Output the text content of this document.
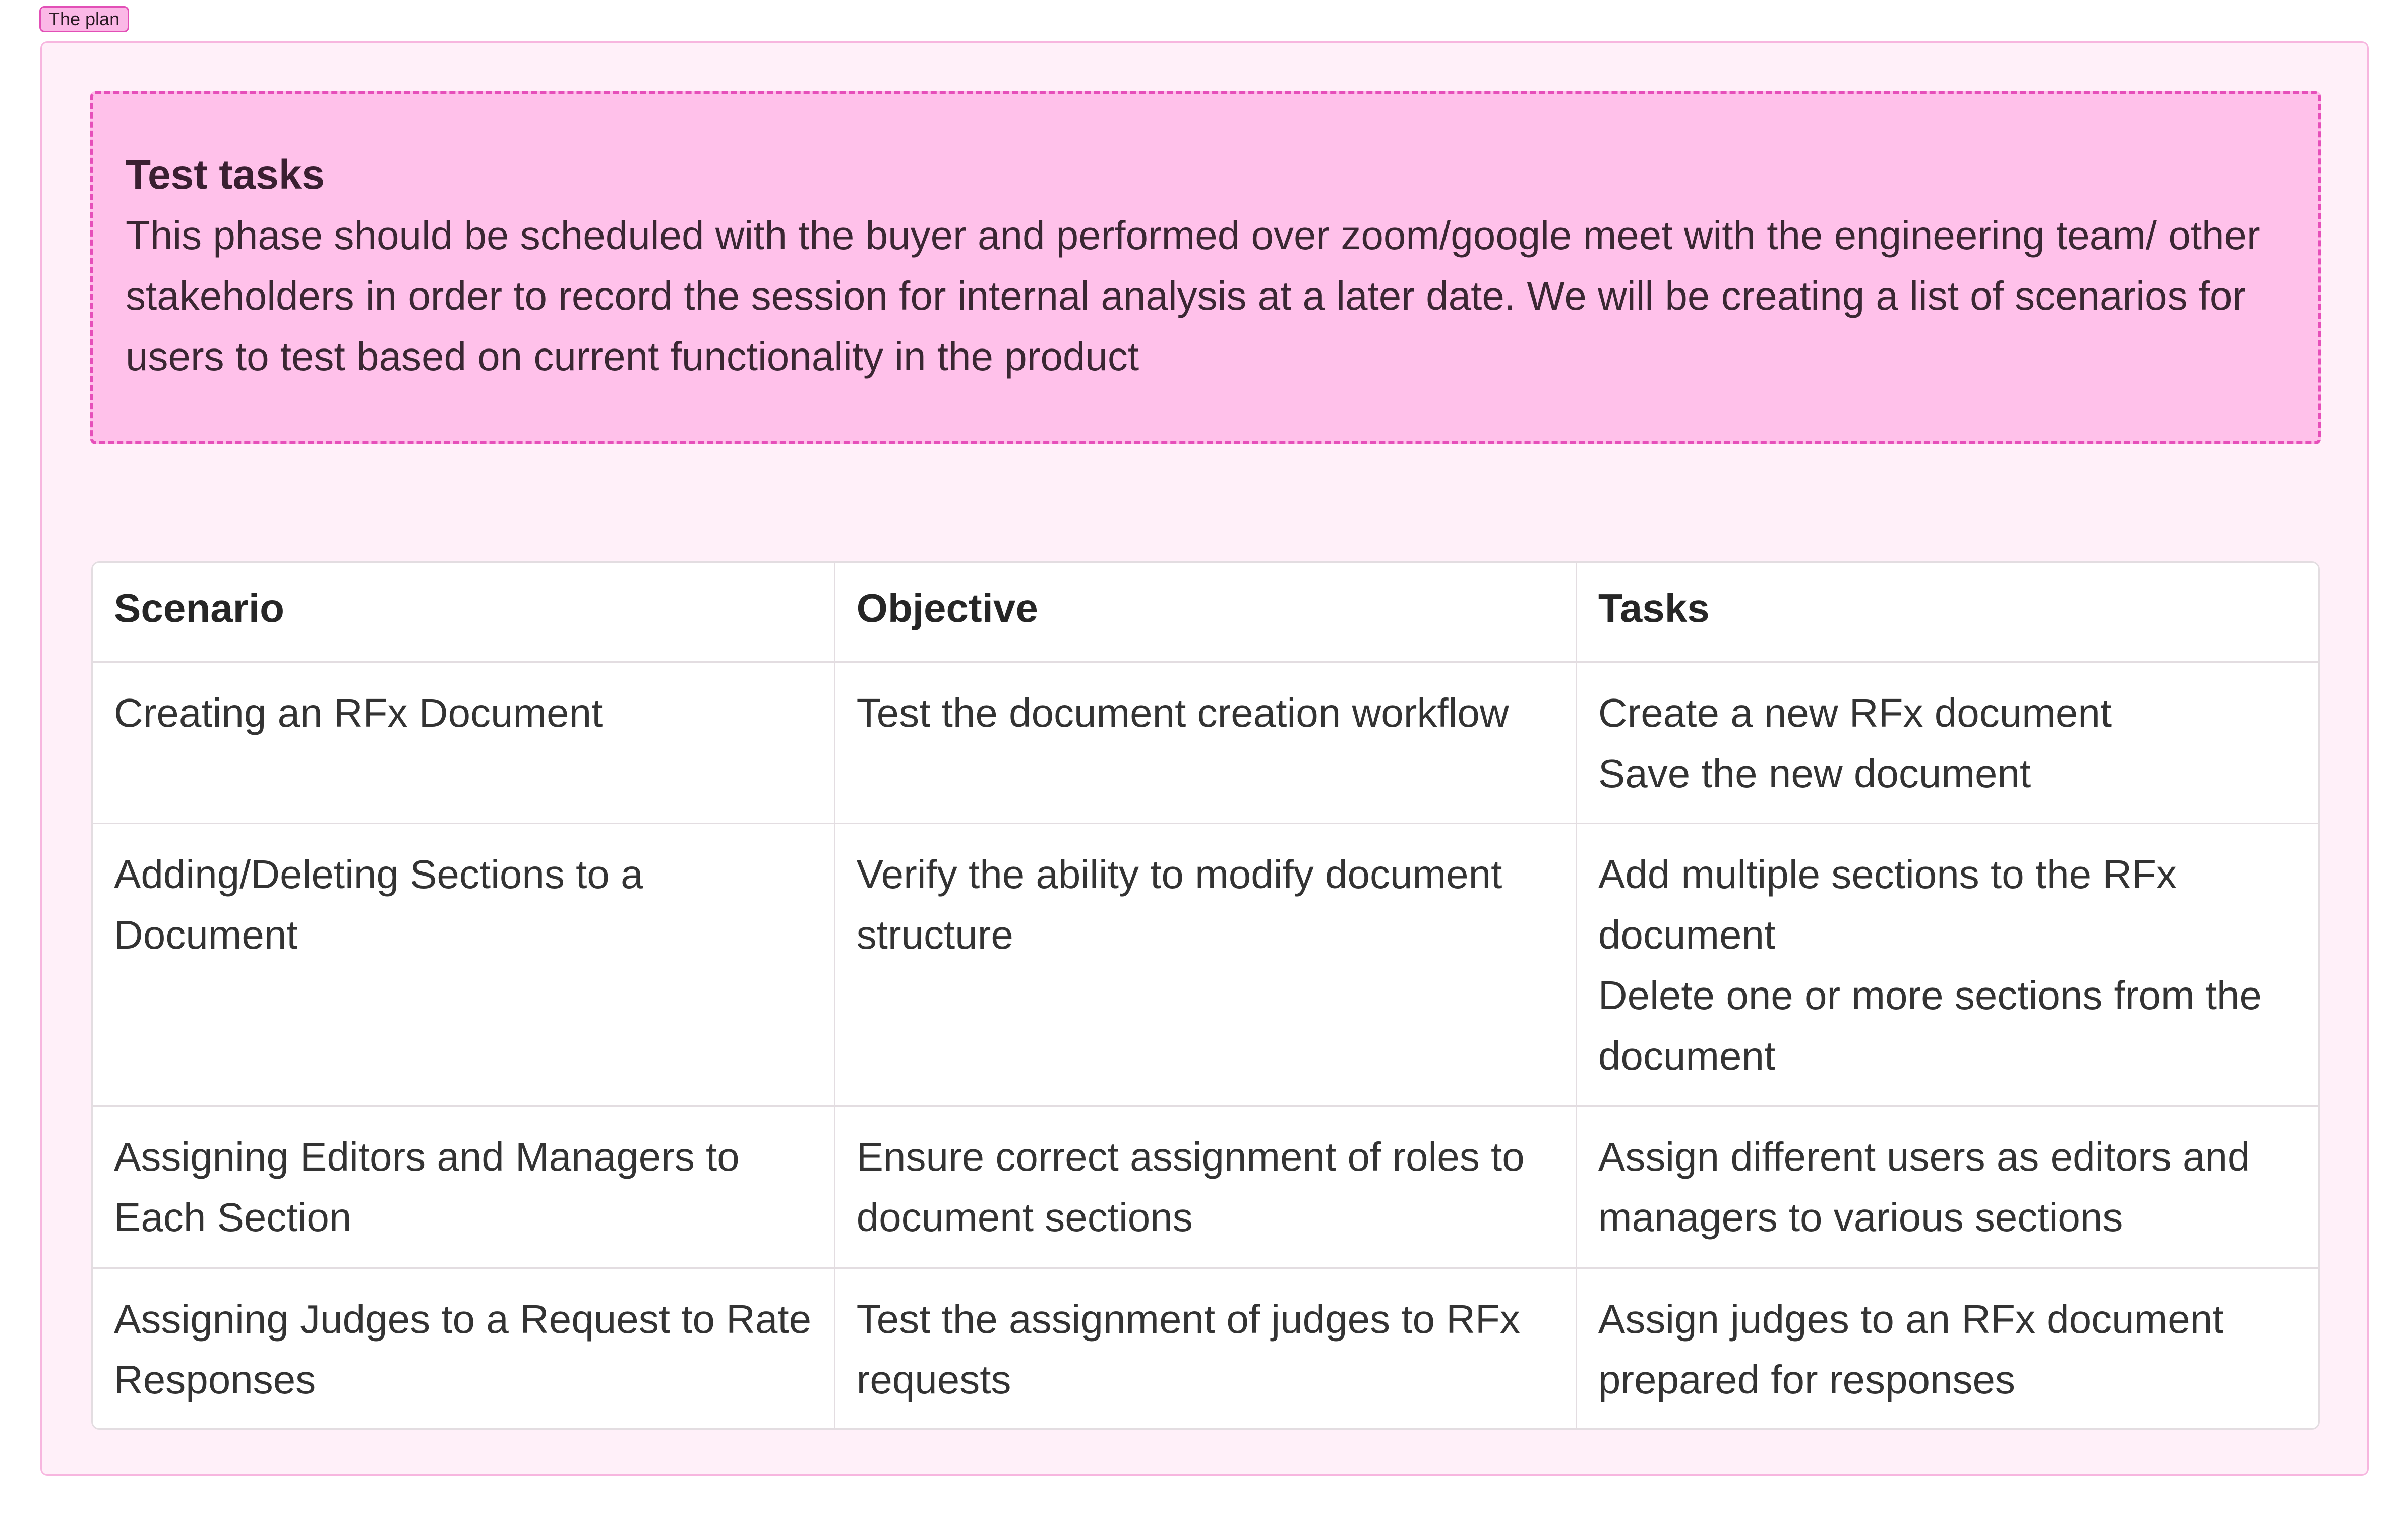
The plan

Test tasks

This phase should be scheduled with the buyer and performed over zoom/google meet with the engineering team/ other stakeholders in order to record the session for internal analysis at a later date. We will be creating a list of scenarios for users to test based on current functionality in the product

Scenario	Objective	Tasks
Creating an RFx Document	Test the document creation workflow	Create a new RFx document
Save the new document

Adding/Deleting Sections to a Document	Verify the ability to modify document structure	Add multiple sections to the RFx document
Delete one or more sections from the document

Assigning Editors and Managers to Each Section	Ensure correct assignment of roles to document sections	Assign different users as editors and managers to various sections

Assigning Judges to a Request to Rate Responses	Test the assignment of judges to RFx requests	Assign judges to an RFx document prepared for responses
